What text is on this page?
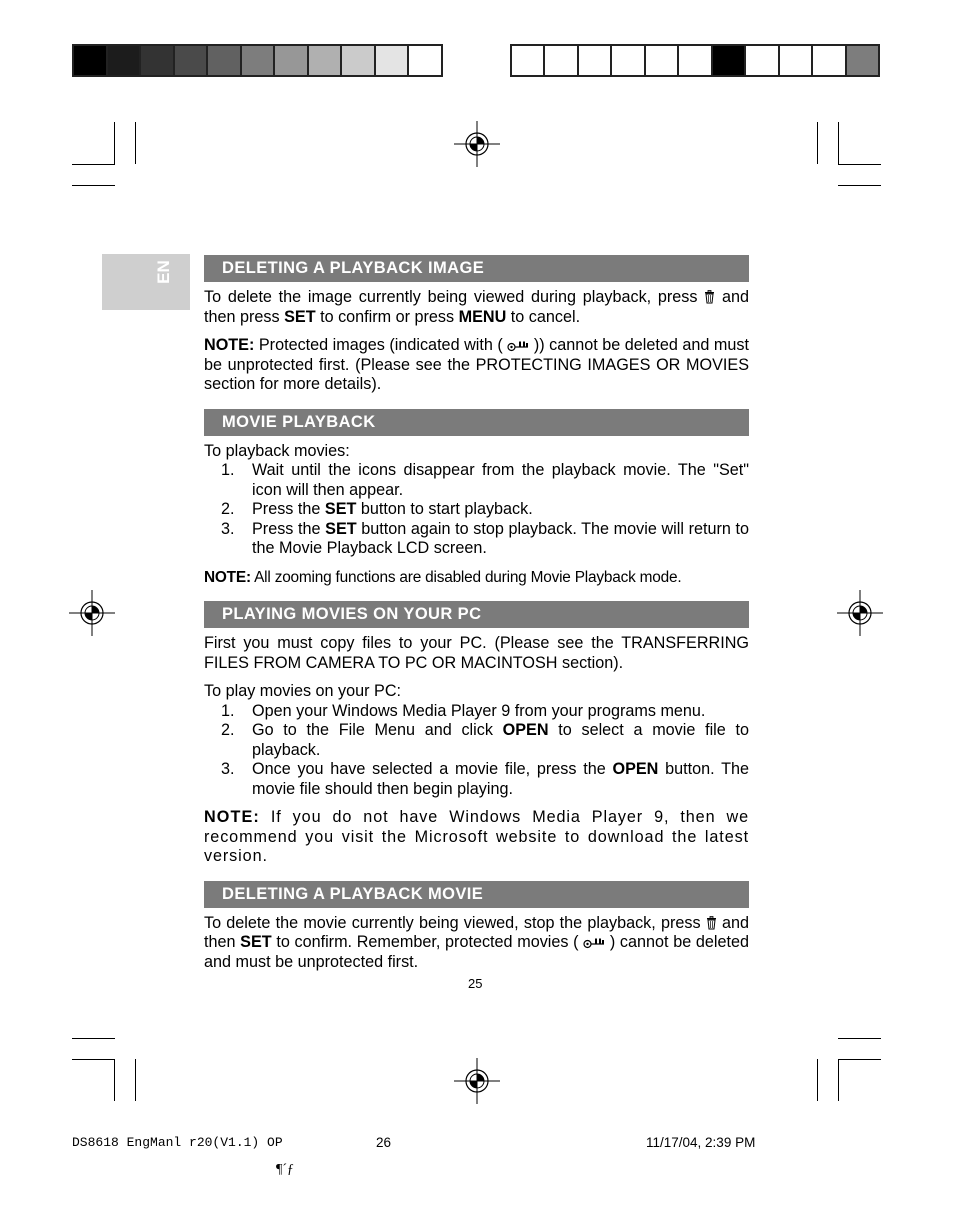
EN	DELETING A PLAYBACK IMAGE

To delete the image currently being viewed during playback, press  and then press SET to confirm or press MENU to cancel.

NOTE: Protected images (indicated with (  )) cannot be deleted and must be unprotected first. (Please see the PROTECTING IMAGES OR MOVIES section for more details).

MOVIE PLAYBACK

To playback movies:

1.	Wait until the icons disappear from the playback movie. The "Set" icon will then appear.
2.	Press the SET button to start playback.
3.	Press the SET button again to stop playback. The movie will return to the Movie Playback LCD screen.

NOTE: All zooming functions are disabled during Movie Playback mode.

PLAYING MOVIES ON YOUR PC

First you must copy files to your PC. (Please see the TRANSFERRING FILES FROM CAMERA TO PC OR MACINTOSH section).

To play movies on your PC:

1.	Open your Windows Media Player 9 from your programs menu.
2.	Go to the File Menu and click OPEN to select a movie file to playback.
3.	Once you have selected a movie file, press the OPEN button. The movie file should then begin playing.

NOTE: If you do not have Windows Media Player 9, then we recommend you visit the Microsoft website to download the latest version.

DELETING A PLAYBACK MOVIE

To delete the movie currently being viewed, stop the playback, press  and then SET to confirm. Remember, protected movies (  ) cannot be deleted and must be unprotected first.

25
DS8618 EngManl r20(V1.1) OP	26	11/17/04, 2:39 PM
¶´ƒ
